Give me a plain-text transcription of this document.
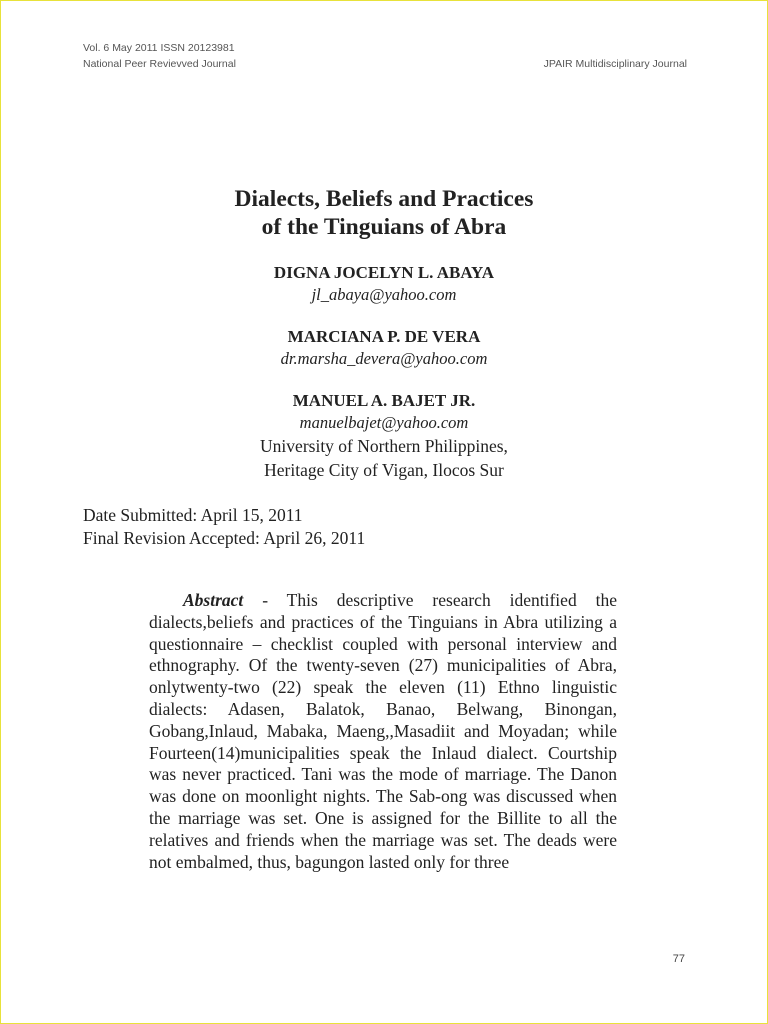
Vol. 6 May 2011 ISSN 20123981
National Peer Revievved Journal	JPAIR Multidisciplinary Journal
Dialects, Beliefs and Practices
of the Tinguians of Abra
DIGNA JOCELYN L. ABAYA
jl_abaya@yahoo.com
MARCIANA P. DE VERA
dr.marsha_devera@yahoo.com
MANUEL A. BAJET JR.
manuelbajet@yahoo.com
University of Northern Philippines,
Heritage City of Vigan, Ilocos Sur
Date Submitted: April 15, 2011
Final Revision Accepted: April 26, 2011
Abstract - This descriptive research identified the dialects,beliefs and practices of the Tinguians in Abra utilizing a questionnaire – checklist coupled with personal interview and ethnography. Of the twenty-seven (27) municipalities of Abra, onlytwenty-two (22) speak the eleven (11) Ethno linguistic dialects: Adasen, Balatok, Banao, Belwang, Binongan, Gobang,Inlaud, Mabaka, Maeng,,Masadiit and Moyadan; while Fourteen(14)municipalities speak the Inlaud dialect. Courtship was never practiced. Tani was the mode of marriage. The Danon was done on moonlight nights. The Sab-ong was discussed when the marriage was set. One is assigned for the Billite to all the relatives and friends when the marriage was set. The deads were not embalmed, thus, bagungon lasted only for three
77
